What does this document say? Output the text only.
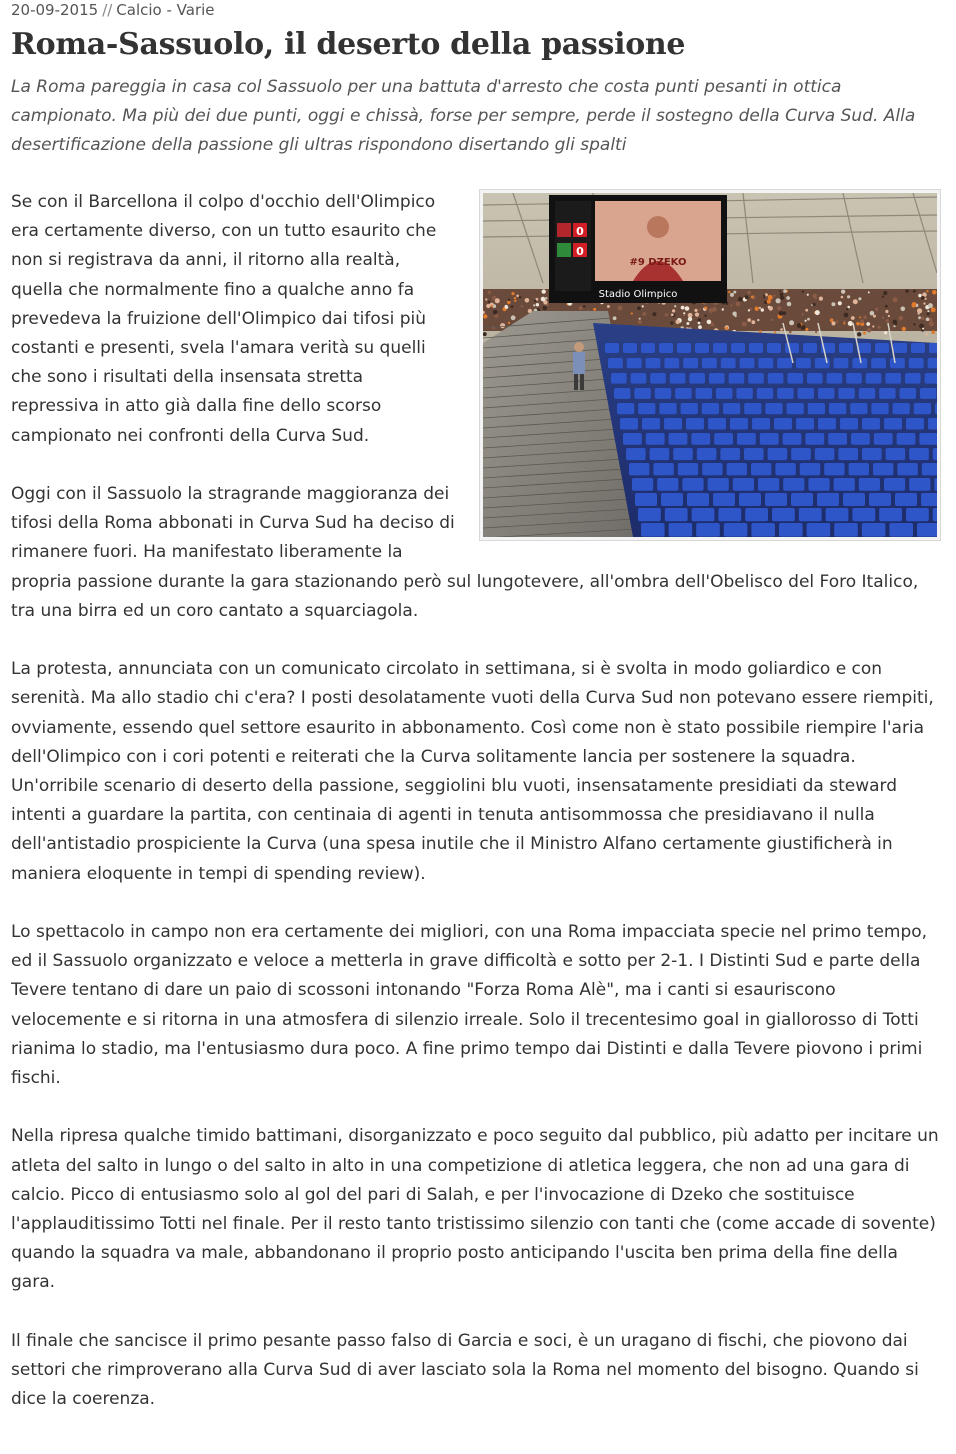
20-09-2015 // Calcio - Varie
Roma-Sassuolo, il deserto della passione

La Roma pareggia in casa col Sassuolo per una battuta d'arresto che costa punti pesanti in ottica campionato. Ma più dei due punti, oggi e chissà, forse per sempre, perde il sostegno della Curva Sud. Alla desertificazione della passione gli ultras rispondono disertando gli spalti

0
0
#9 DZEKO
Stadio Olimpico

Se con il Barcellona il colpo d'occhio dell'Olimpico era certamente diverso, con un tutto esaurito che non si registrava da anni, il ritorno alla realtà, quella che normalmente fino a qualche anno fa prevedeva la fruizione dell'Olimpico dai tifosi più costanti e presenti, svela l'amara verità su quelli che sono i risultati della insensata stretta repressiva in atto già dalla fine dello scorso campionato nei confronti della Curva Sud.

Oggi con il Sassuolo la stragrande maggioranza dei tifosi della Roma abbonati in Curva Sud ha deciso di rimanere fuori. Ha manifestato liberamente la propria passione durante la gara stazionando però sul lungotevere, all'ombra dell'Obelisco del Foro Italico, tra una birra ed un coro cantato a squarciagola.

La protesta, annunciata con un comunicato circolato in settimana, si è svolta in modo goliardico e con serenità. Ma allo stadio chi c'era? I posti desolatamente vuoti della Curva Sud non potevano essere riempiti, ovviamente, essendo quel settore esaurito in abbonamento. Così come non è stato possibile riempire l'aria dell'Olimpico con i cori potenti e reiterati che la Curva solitamente lancia per sostenere la squadra. Un'orribile scenario di deserto della passione, seggiolini blu vuoti, insensatamente presidiati da steward intenti a guardare la partita, con centinaia di agenti in tenuta antisommossa che presidiavano il nulla dell'antistadio prospiciente la Curva (una spesa inutile che il Ministro Alfano certamente giustificherà in maniera eloquente in tempi di spending review).

Lo spettacolo in campo non era certamente dei migliori, con una Roma impacciata specie nel primo tempo, ed il Sassuolo organizzato e veloce a metterla in grave difficoltà e sotto per 2-1. I Distinti Sud e parte della Tevere tentano di dare un paio di scossoni intonando "Forza Roma Alè", ma i canti si esauriscono velocemente e si ritorna in una atmosfera di silenzio irreale. Solo il trecentesimo goal in giallorosso di Totti rianima lo stadio, ma l'entusiasmo dura poco. A fine primo tempo dai Distinti e dalla Tevere piovono i primi fischi.

Nella ripresa qualche timido battimani, disorganizzato e poco seguito dal pubblico, più adatto per incitare un atleta del salto in lungo o del salto in alto in una competizione di atletica leggera, che non ad una gara di calcio. Picco di entusiasmo solo al gol del pari di Salah, e per l'invocazione di Dzeko che sostituisce l'applauditissimo Totti nel finale. Per il resto tanto tristissimo silenzio con tanti che (come accade di sovente) quando la squadra va male, abbandonano il proprio posto anticipando l'uscita ben prima della fine della gara.

Il finale che sancisce il primo pesante passo falso di Garcia e soci, è un uragano di fischi, che piovono dai settori che rimproverano alla Curva Sud di aver lasciato sola la Roma nel momento del bisogno. Quando si dice la coerenza.
